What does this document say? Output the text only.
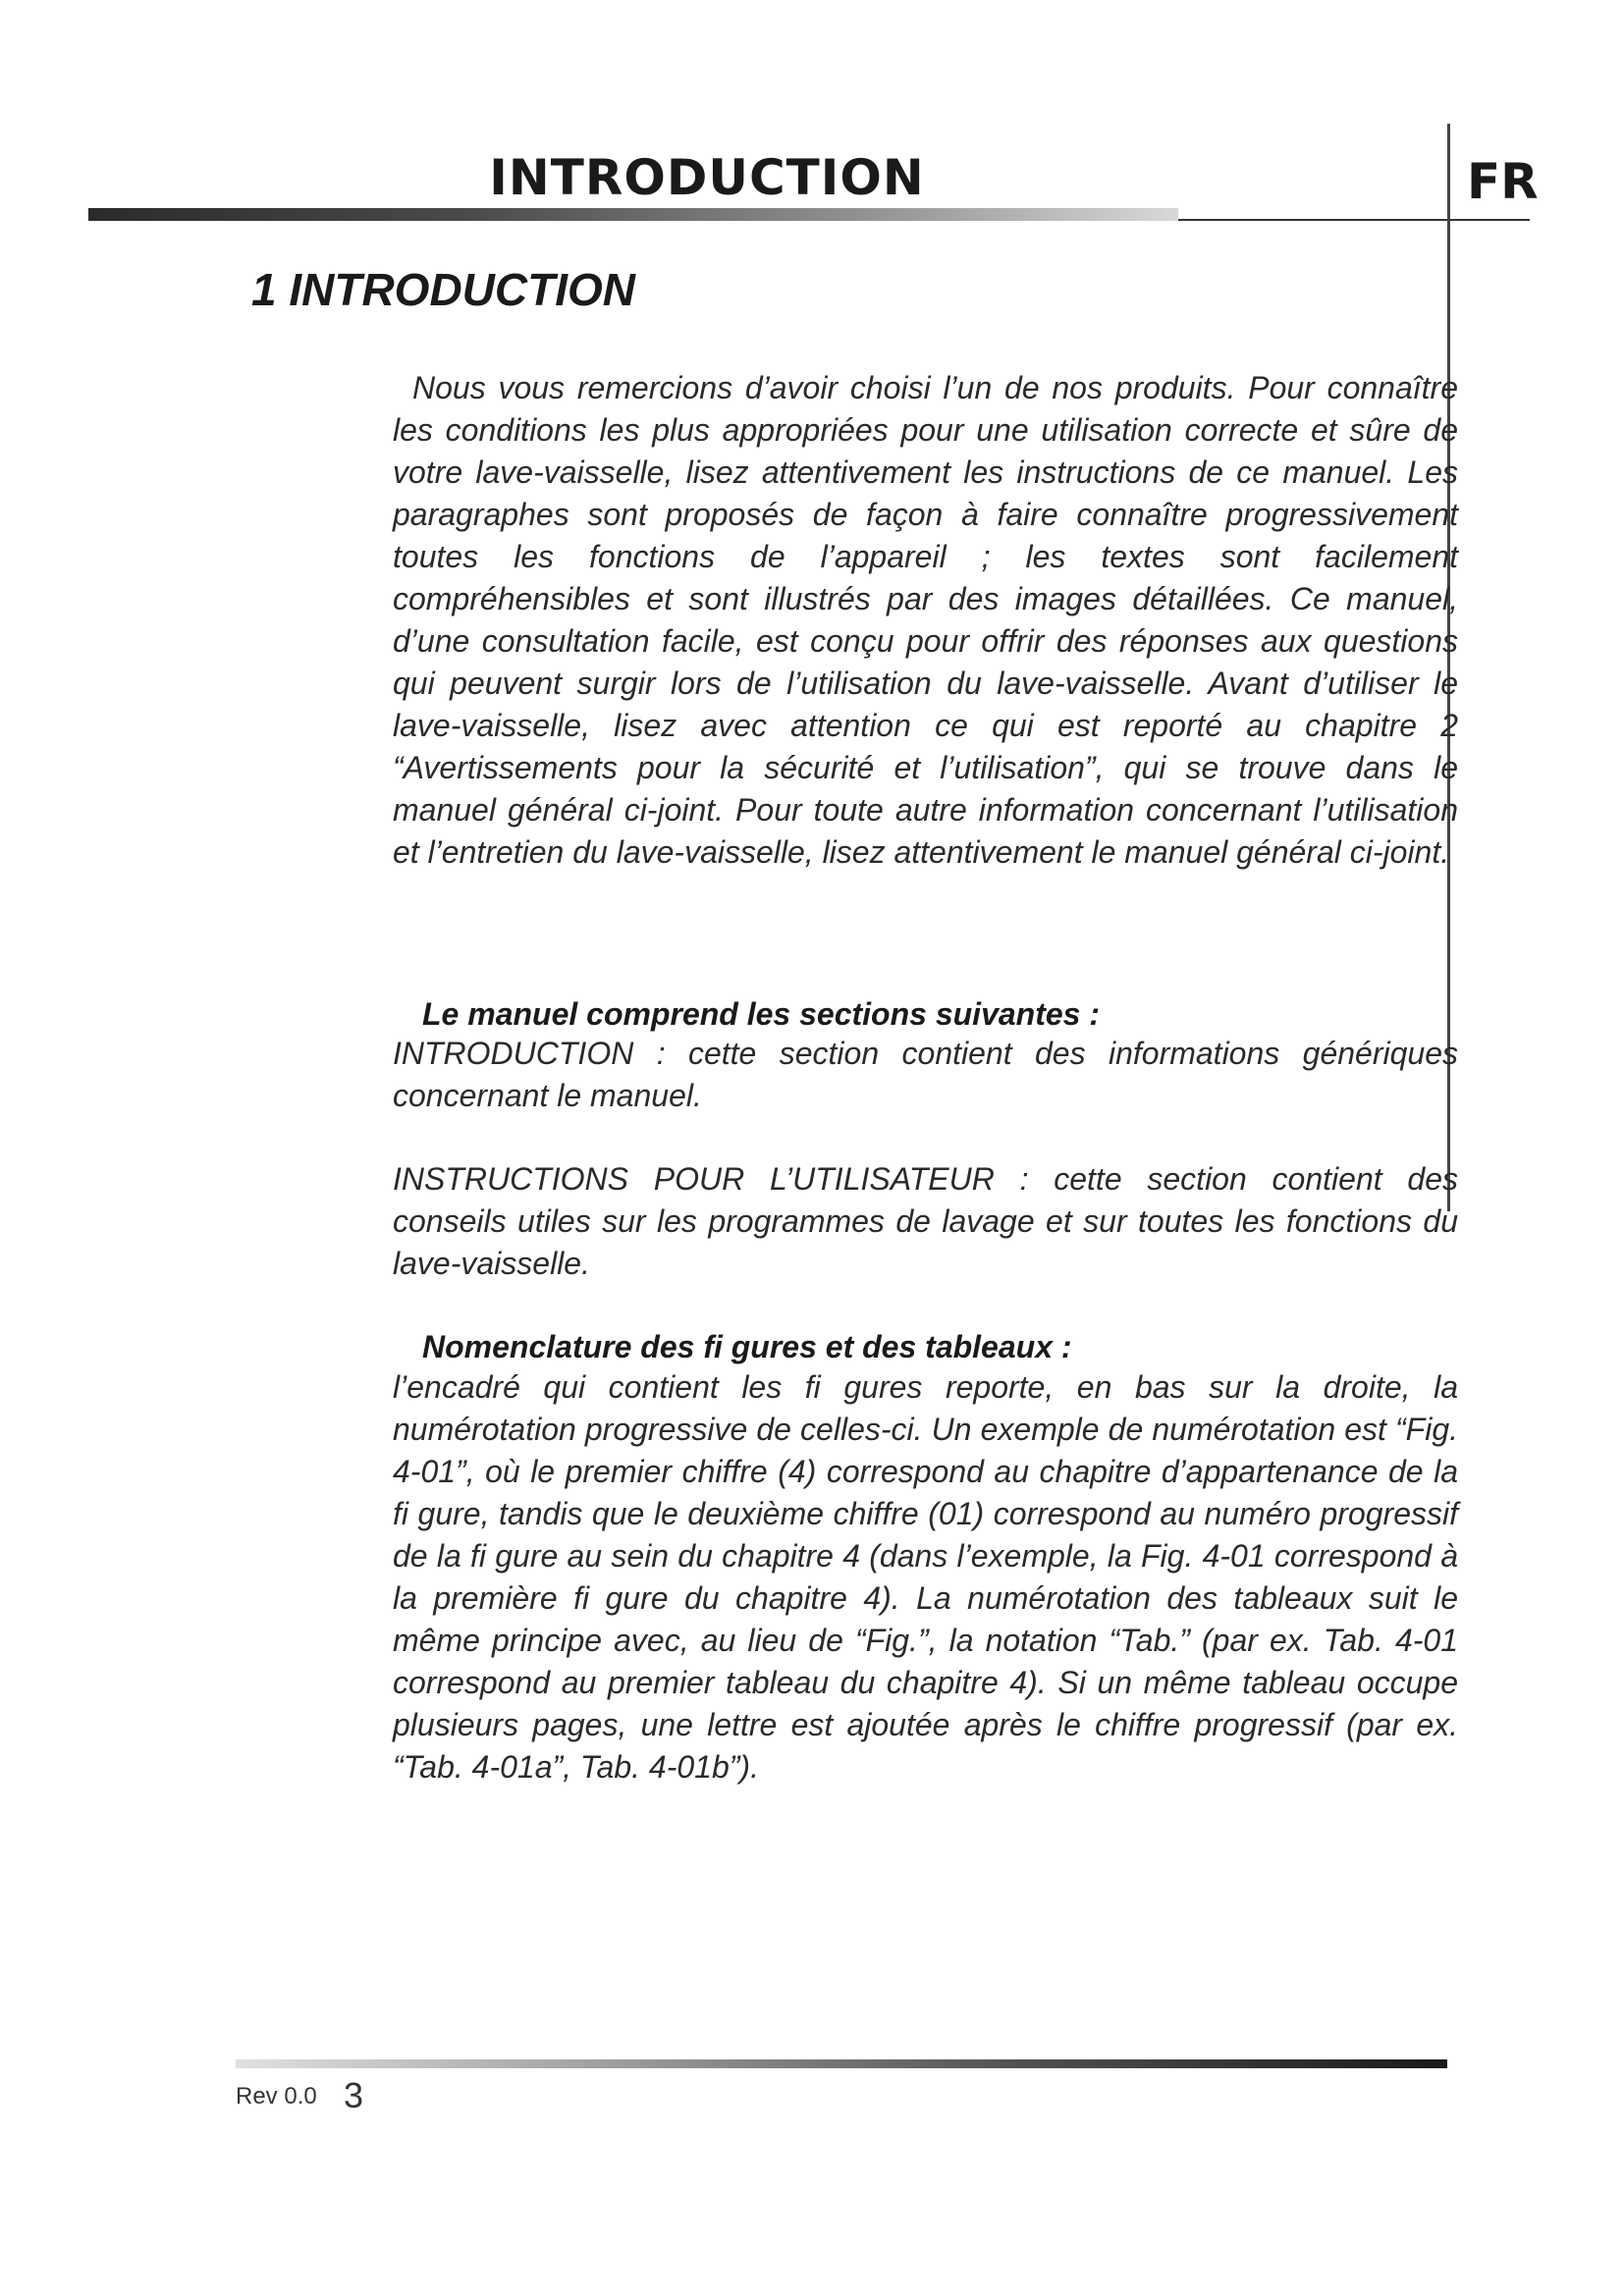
INTRODUCTION	FR
1 INTRODUCTION

Nous vous remercions d’avoir choisi l’un de nos produits. Pour connaître les conditions les plus appropriées pour une utilisation correcte et sûre de votre lave-vaisselle, lisez attentivement les instructions de ce manuel. Les paragraphes sont proposés de façon à faire connaître progressivement toutes les fonctions de l’appareil ; les textes sont facilement compréhensibles et sont illustrés par des images détaillées. Ce manuel, d’une consultation facile, est conçu pour offrir des réponses aux questions qui peuvent surgir lors de l’utilisation du lave-vaisselle. Avant d’utiliser le lave-vaisselle, lisez avec attention ce qui est reporté au chapitre 2 “Avertissements pour la sécurité et l’utilisation”, qui se trouve dans le manuel général ci-joint. Pour toute autre information concernant l’utilisation et l’entretien du lave-vaisselle, lisez attentivement le manuel général ci-joint.

Le manuel comprend les sections suivantes :

INTRODUCTION : cette section contient des informations génériques concernant le manuel.

INSTRUCTIONS POUR L’UTILISATEUR : cette section contient des conseils utiles sur les programmes de lavage et sur toutes les fonctions du lave-vaisselle.

Nomenclature des fi gures et des tableaux :

l’encadré qui contient les fi gures reporte, en bas sur la droite, la numérotation progressive de celles-ci. Un exemple de numérotation est “Fig. 4-01”, où le premier chiffre (4) correspond au chapitre d’appartenance de la fi gure, tandis que le deuxième chiffre (01) correspond au numéro progressif de la fi gure au sein du chapitre 4 (dans l’exemple, la Fig. 4-01 correspond à la première fi gure du chapitre 4). La numérotation des tableaux suit le même principe avec, au lieu de “Fig.”, la notation “Tab.” (par ex. Tab. 4-01 correspond au premier tableau du chapitre 4). Si un même tableau occupe plusieurs pages, une lettre est ajoutée après le chiffre progressif (par ex. “Tab. 4-01a”, Tab. 4-01b”).

Rev 0.0 3
